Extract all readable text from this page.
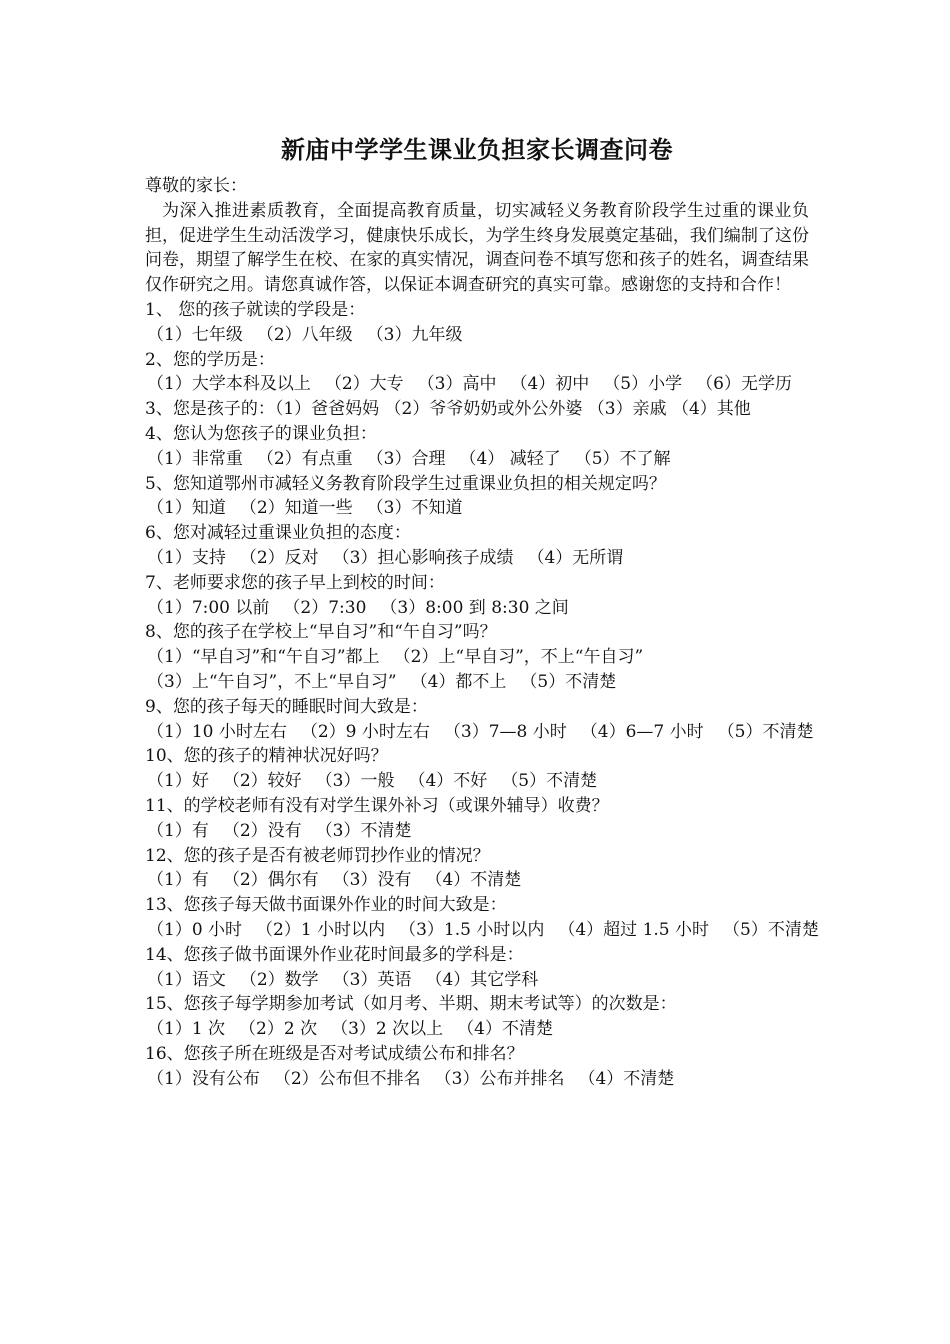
新庙中学学生课业负担家长调查问卷
尊敬的家长：
为深入推进素质教育，全面提高教育质量，切实减轻义务教育阶段学生过重的课业负担，促进学生生动活泼学习，健康快乐成长，为学生终身发展奠定基础，我们编制了这份问卷，期望了解学生在校、在家的真实情况，调查问卷不填写您和孩子的姓名，调查结果仅作研究之用。请您真诚作答，以保证本调查研究的真实可靠。感谢您的支持和合作！
1、 您的孩子就读的学段是：
（1）七年级 （2）八年级 （3）九年级
2、您的学历是：
（1）大学本科及以上 （2）大专 （3）高中 （4）初中 （5）小学 （6）无学历
3、您是孩子的：（1）爸爸妈妈 （2）爷爷奶奶或外公外婆 （3）亲戚 （4）其他
4、您认为您孩子的课业负担：
（1）非常重 （2）有点重 （3）合理 （4） 减轻了 （5）不了解
5、您知道鄂州市减轻义务教育阶段学生过重课业负担的相关规定吗？
（1）知道 （2）知道一些 （3）不知道
6、您对减轻过重课业负担的态度：
（1）支持 （2）反对 （3）担心影响孩子成绩 （4）无所谓
7、老师要求您的孩子早上到校的时间：
（1）7:00 以前 （2）7:30 （3）8:00 到 8:30 之间
8、您的孩子在学校上“早自习”和“午自习”吗？
（1）“早自习”和“午自习”都上 （2）上“早自习”，不上“午自习”
（3）上“午自习”，不上“早自习” （4）都不上 （5）不清楚
9、您的孩子每天的睡眠时间大致是：
（1）10 小时左右 （2）9 小时左右 （3）7—8 小时 （4）6—7 小时 （5）不清楚
10、您的孩子的精神状况好吗？
（1）好 （2）较好 （3）一般 （4）不好 （5）不清楚
11、的学校老师有没有对学生课外补习（或课外辅导）收费？
（1）有 （2）没有 （3）不清楚
12、您的孩子是否有被老师罚抄作业的情况？
（1）有 （2）偶尔有 （3）没有 （4）不清楚
13、您孩子每天做书面课外作业的时间大致是：
（1）0 小时 （2）1 小时以内 （3）1.5 小时以内 （4）超过 1.5 小时 （5）不清楚
14、您孩子做书面课外作业花时间最多的学科是：
（1）语文 （2）数学 （3）英语 （4）其它学科
15、您孩子每学期参加考试（如月考、半期、期末考试等）的次数是：
（1）1 次 （2）2 次 （3）2 次以上 （4）不清楚
16、您孩子所在班级是否对考试成绩公布和排名？
（1）没有公布 （2）公布但不排名 （3）公布并排名 （4）不清楚
